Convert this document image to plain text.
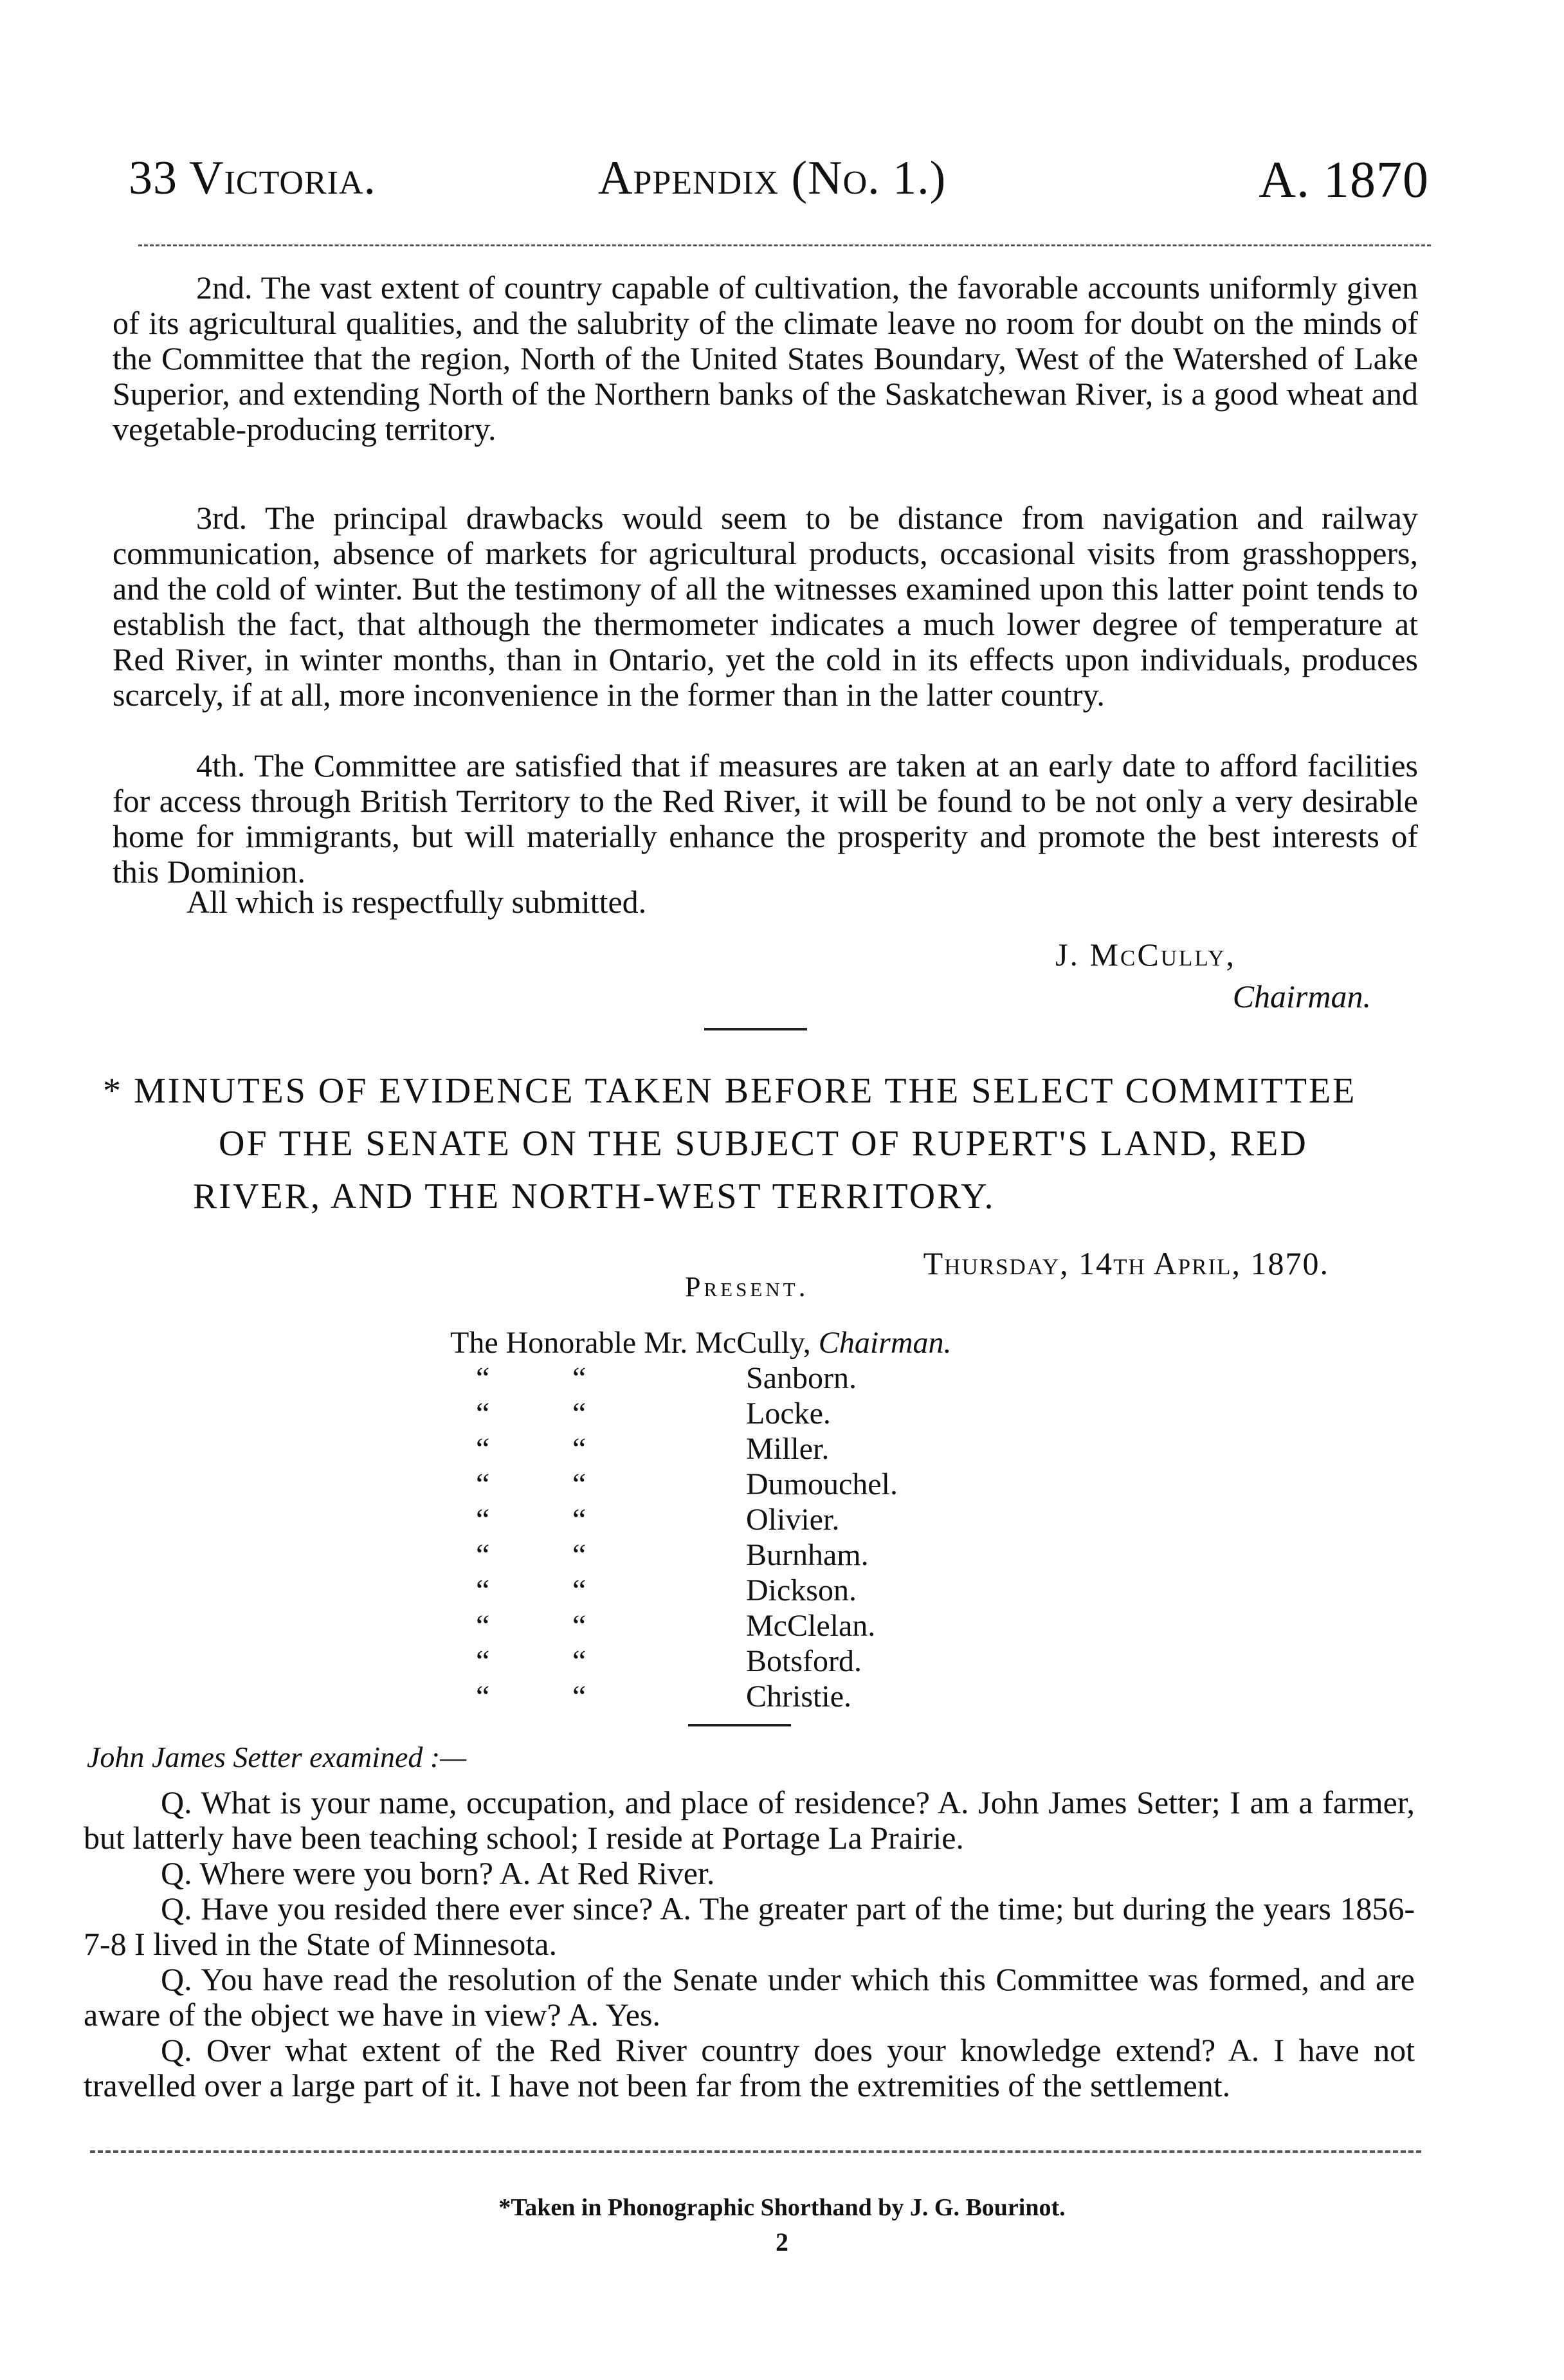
33 Victoria.	Appendix (No. 1.)	A. 1870
2nd. The vast extent of country capable of cultivation, the favorable accounts uniformly given of its agricultural qualities, and the salubrity of the climate leave no room for doubt on the minds of the Committee that the region, North of the United States Boundary, West of the Watershed of Lake Superior, and extending North of the Northern banks of the Saskatchewan River, is a good wheat and vegetable-producing territory.
3rd. The principal drawbacks would seem to be distance from navigation and railway communication, absence of markets for agricultural products, occasional visits from grasshoppers, and the cold of winter. But the testimony of all the witnesses examined upon this latter point tends to establish the fact, that although the thermometer indicates a much lower degree of temperature at Red River, in winter months, than in Ontario, yet the cold in its effects upon individuals, produces scarcely, if at all, more inconvenience in the former than in the latter country.
4th. The Committee are satisfied that if measures are taken at an early date to afford facilities for access through British Territory to the Red River, it will be found to be not only a very desirable home for immigrants, but will materially enhance the prosperity and promote the best interests of this Dominion.
All which is respectfully submitted.
J. McCully,
Chairman.
* MINUTES OF EVIDENCE TAKEN BEFORE THE SELECT COMMITTEE
OF THE SENATE ON THE SUBJECT OF RUPERT'S LAND, RED
RIVER, AND THE NORTH-WEST TERRITORY.
Thursday, 14th April, 1870.
Present.
The Honorable Mr. McCully, Chairman.
“	“	Sanborn.
“	“	Locke.
“	“	Miller.
“	“	Dumouchel.
“	“	Olivier.
“	“	Burnham.
“	“	Dickson.
“	“	McClelan.
“	“	Botsford.
“	“	Christie.
John James Setter examined :—
Q. What is your name, occupation, and place of residence? A. John James Setter; I am a farmer, but latterly have been teaching school; I reside at Portage La Prairie.
Q. Where were you born? A. At Red River.
Q. Have you resided there ever since? A. The greater part of the time; but during the years 1856-7-8 I lived in the State of Minnesota.
Q. You have read the resolution of the Senate under which this Committee was formed, and are aware of the object we have in view? A. Yes.
Q. Over what extent of the Red River country does your knowledge extend? A. I have not travelled over a large part of it. I have not been far from the extremities of the settlement.
*Taken in Phonographic Shorthand by J. G. Bourinot.
2
